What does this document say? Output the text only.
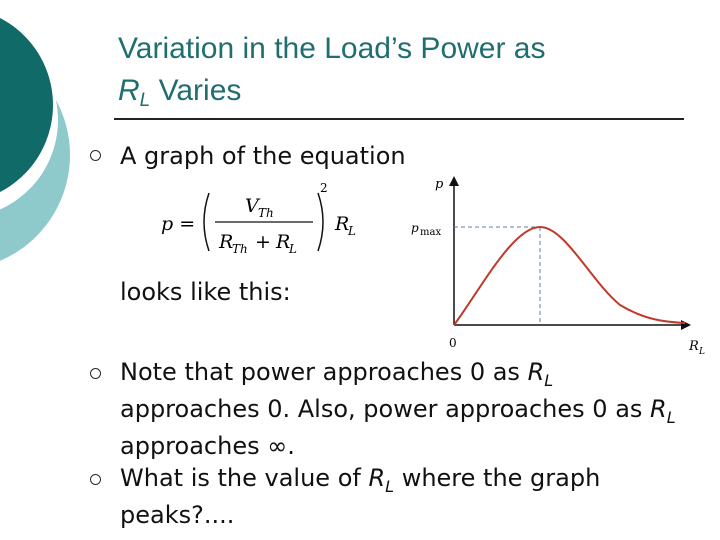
Variation in the Load’s Power as
$R_L$ Varies
A graph of the equation
p =
V Th
R
Th + R
L
2
R
L
looks like this:
p
0	R L
p max
Note that power approaches 0 as $R_L$ approaches 0. Also, power approaches 0 as $R_L$ approaches ∞.
What is the value of $R_L$ where the graph peaks?....
